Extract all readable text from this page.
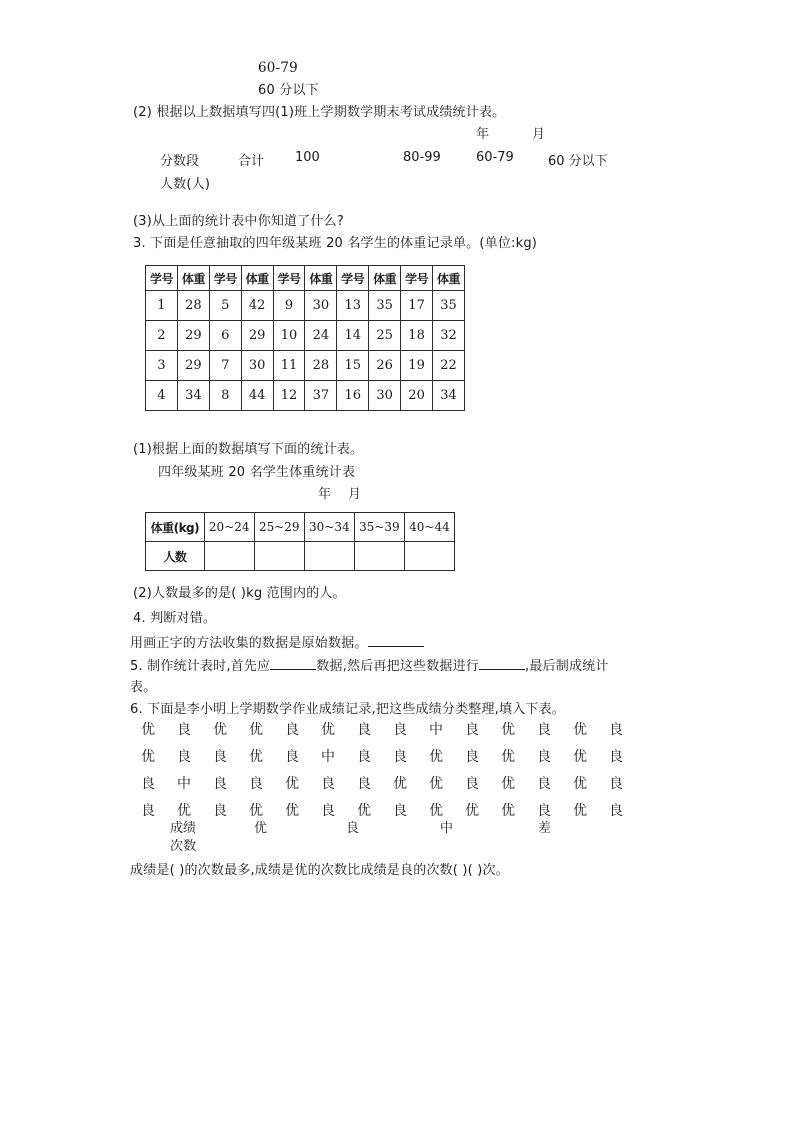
60-79
60 分以下
(2) 根据以上数据填写四(1)班上学期数学期末考试成绩统计表。
年	月
分数段	合计	100	80-99	60-79	60 分以下
人数(人)
(3)从上面的统计表中你知道了什么?
3. 下面是任意抽取的四年级某班 20 名学生的体重记录单。(单位:kg)
学号	体重	学号	体重	学号	体重	学号	体重	学号	体重
1	28	5	42	9	30	13	35	17	35
2	29	6	29	10	24	14	25	18	32
3	29	7	30	11	28	15	26	19	22
4	34	8	44	12	37	16	30	20	34
(1)根据上面的数据填写下面的统计表。
四年级某班 20 名学生体重统计表
年 月
体重(kg)	20~24	25~29	30~34	35~39	40~44
人数					
(2)人数最多的是( )kg 范围内的人。
4. 判断对错。
用画正字的方法收集的数据是原始数据。
5. 制作统计表时,首先应	数据,然后再把这些数据进行	,最后制成统计
表。
6. 下面是李小明上学期数学作业成绩记录,把这些成绩分类整理,填入下表。
优	良	优	优	良	优	良	良	中	良	优	良	优	良
优	良	良	优	良	中	良	良	优	良	优	良	优	良
良	中	良	良	优	良	良	优	优	良	优	良	优	良
良	优	良	优	优	良	优	良	优	优	优	良	优	良
成绩	优	良	中	差
次数
成绩是( )的次数最多,成绩是优的次数比成绩是良的次数( )( )次。
